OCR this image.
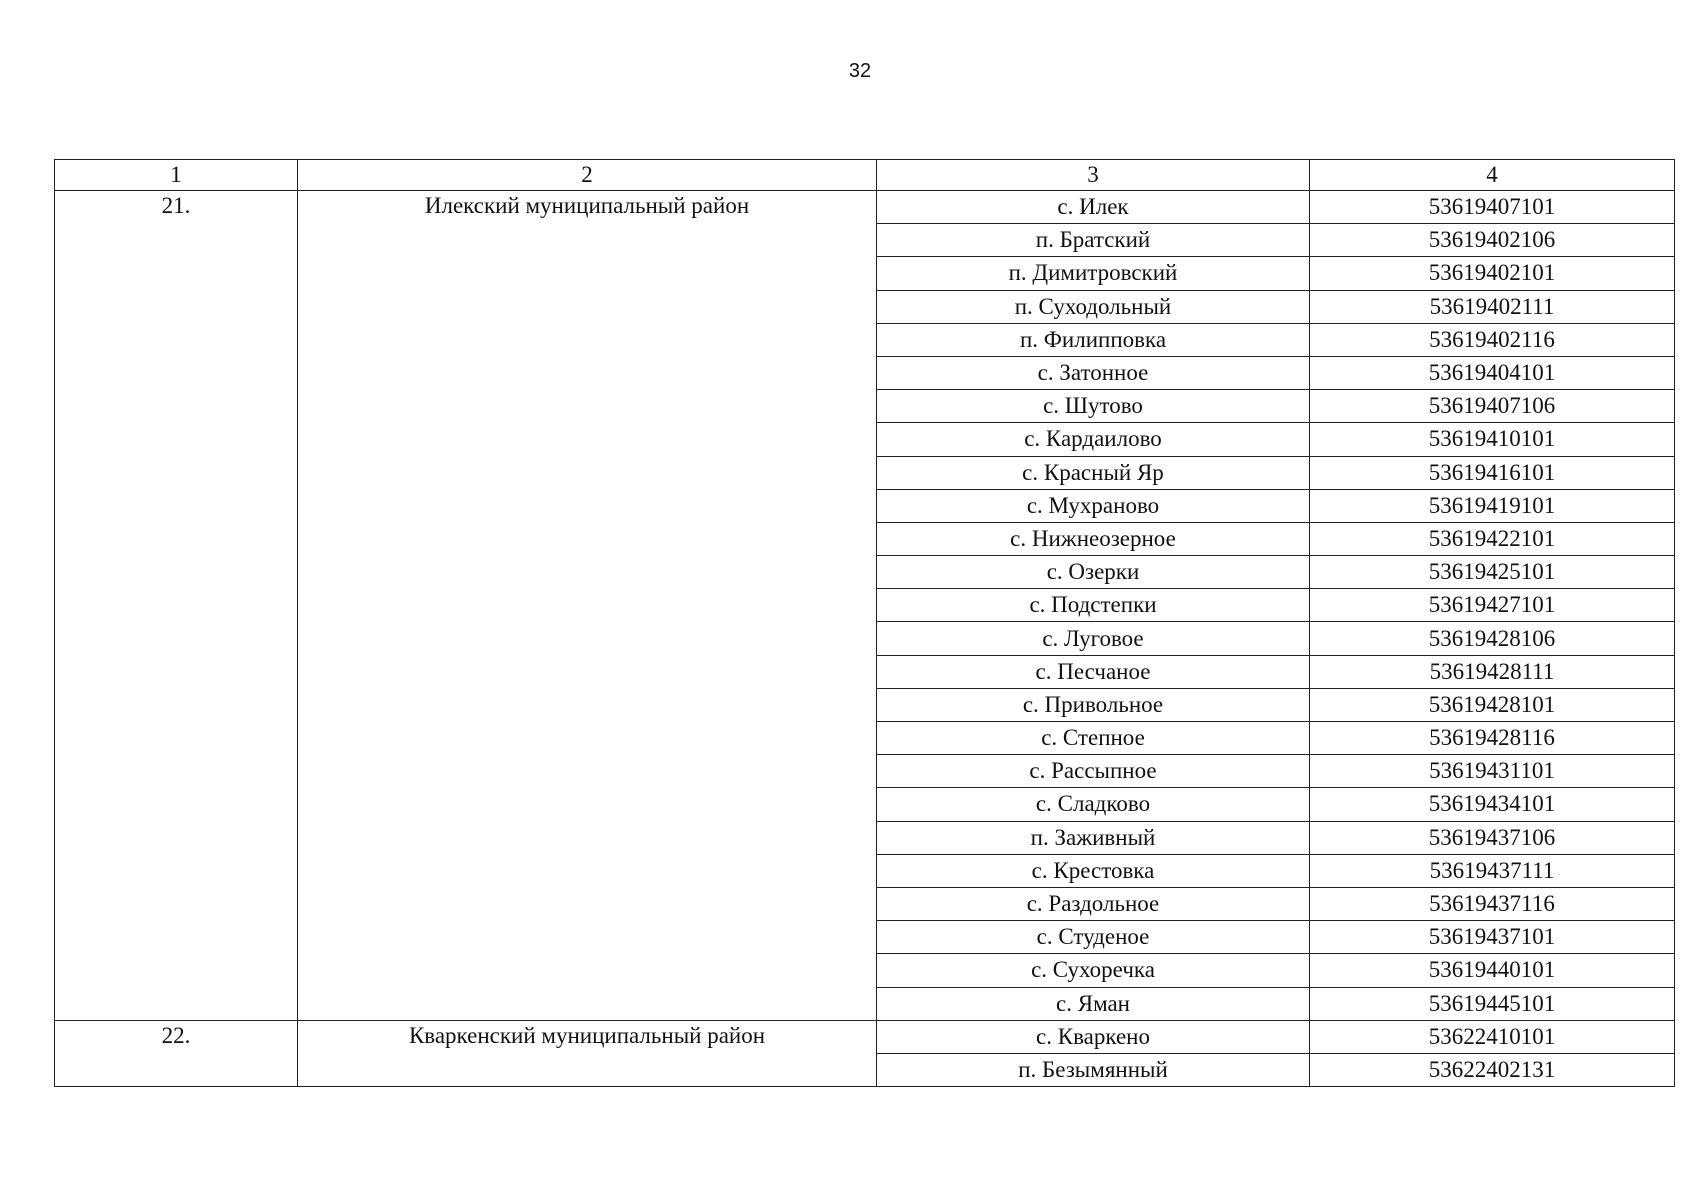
32
1	2	3	4
21.	Илекский муниципальный район	с. Илек	53619407101
		п. Братский	53619402106
		п. Димитровский	53619402101
		п. Суходольный	53619402111
		п. Филипповка	53619402116
		с. Затонное	53619404101
		с. Шутово	53619407106
		с. Кардаилово	53619410101
		с. Красный Яр	53619416101
		с. Мухраново	53619419101
		с. Нижнеозерное	53619422101
		с. Озерки	53619425101
		с. Подстепки	53619427101
		с. Луговое	53619428106
		с. Песчаное	53619428111
		с. Привольное	53619428101
		с. Степное	53619428116
		с. Рассыпное	53619431101
		с. Сладково	53619434101
		п. Заживный	53619437106
		с. Крестовка	53619437111
		с. Раздольное	53619437116
		с. Студеное	53619437101
		с. Сухоречка	53619440101
		с. Яман	53619445101
22.	Кваркенский муниципальный район	с. Кваркено	53622410101
		п. Безымянный	53622402131
